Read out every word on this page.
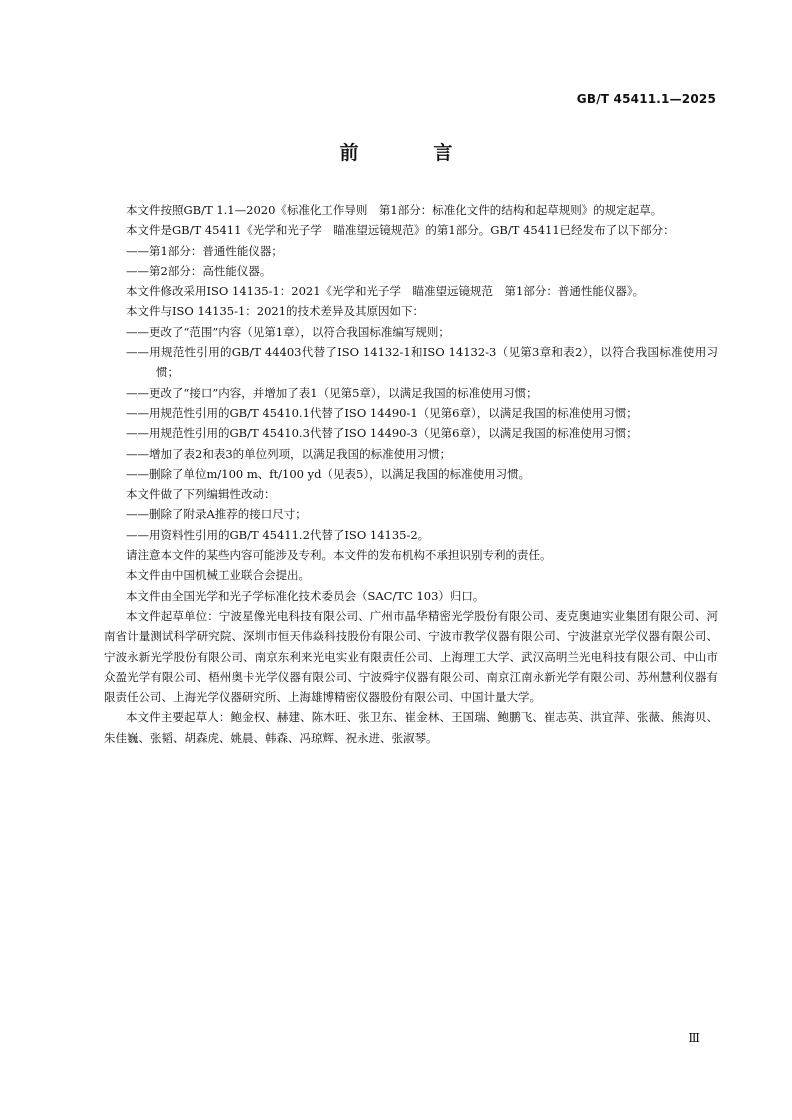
GB/T 45411.1—2025
前　言

本文件按照GB/T 1.1—2020《标准化工作导则　第1部分：标准化文件的结构和起草规则》的规定起草。

本文件是GB/T 45411《光学和光子学　瞄准望远镜规范》的第1部分。GB/T 45411已经发布了以下部分：

——第1部分：普通性能仪器；

——第2部分：高性能仪器。

本文件修改采用ISO 14135-1：2021《光学和光子学　瞄准望远镜规范　第1部分：普通性能仪器》。

本文件与ISO 14135-1：2021的技术差异及其原因如下：

——更改了“范围”内容（见第1章），以符合我国标准编写规则；

——用规范性引用的GB/T 44403代替了ISO 14132-1和ISO 14132-3（见第3章和表2），以符合我国标准使用习惯；

——更改了“接口”内容，并增加了表1（见第5章），以满足我国的标准使用习惯；

——用规范性引用的GB/T 45410.1代替了ISO 14490-1（见第6章），以满足我国的标准使用习惯；

——用规范性引用的GB/T 45410.3代替了ISO 14490-3（见第6章），以满足我国的标准使用习惯；

——增加了表2和表3的单位列项，以满足我国的标准使用习惯；

——删除了单位m/100 m、ft/100 yd（见表5），以满足我国的标准使用习惯。

本文件做了下列编辑性改动：

——删除了附录A推荐的接口尺寸；

——用资料性引用的GB/T 45411.2代替了ISO 14135-2。

请注意本文件的某些内容可能涉及专利。本文件的发布机构不承担识别专利的责任。

本文件由中国机械工业联合会提出。

本文件由全国光学和光子学标准化技术委员会（SAC/TC 103）归口。

本文件起草单位：宁波星像光电科技有限公司、广州市晶华精密光学股份有限公司、麦克奥迪实业集团有限公司、河南省计量测试科学研究院、深圳市恒天伟焱科技股份有限公司、宁波市教学仪器有限公司、宁波湛京光学仪器有限公司、宁波永新光学股份有限公司、南京东利来光电实业有限责任公司、上海理工大学、武汉高明兰光电科技有限公司、中山市众盈光学有限公司、梧州奥卡光学仪器有限公司、宁波舜宇仪器有限公司、南京江南永新光学有限公司、苏州慧利仪器有限责任公司、上海光学仪器研究所、上海雄博精密仪器股份有限公司、中国计量大学。

本文件主要起草人：鲍金权、赫建、陈木旺、张卫东、崔金林、王国瑞、鲍鹏飞、崔志英、洪宜萍、张薇、熊海贝、朱佳巍、张韬、胡森虎、姚晨、韩森、冯琼辉、祝永进、张淑琴。

Ⅲ
